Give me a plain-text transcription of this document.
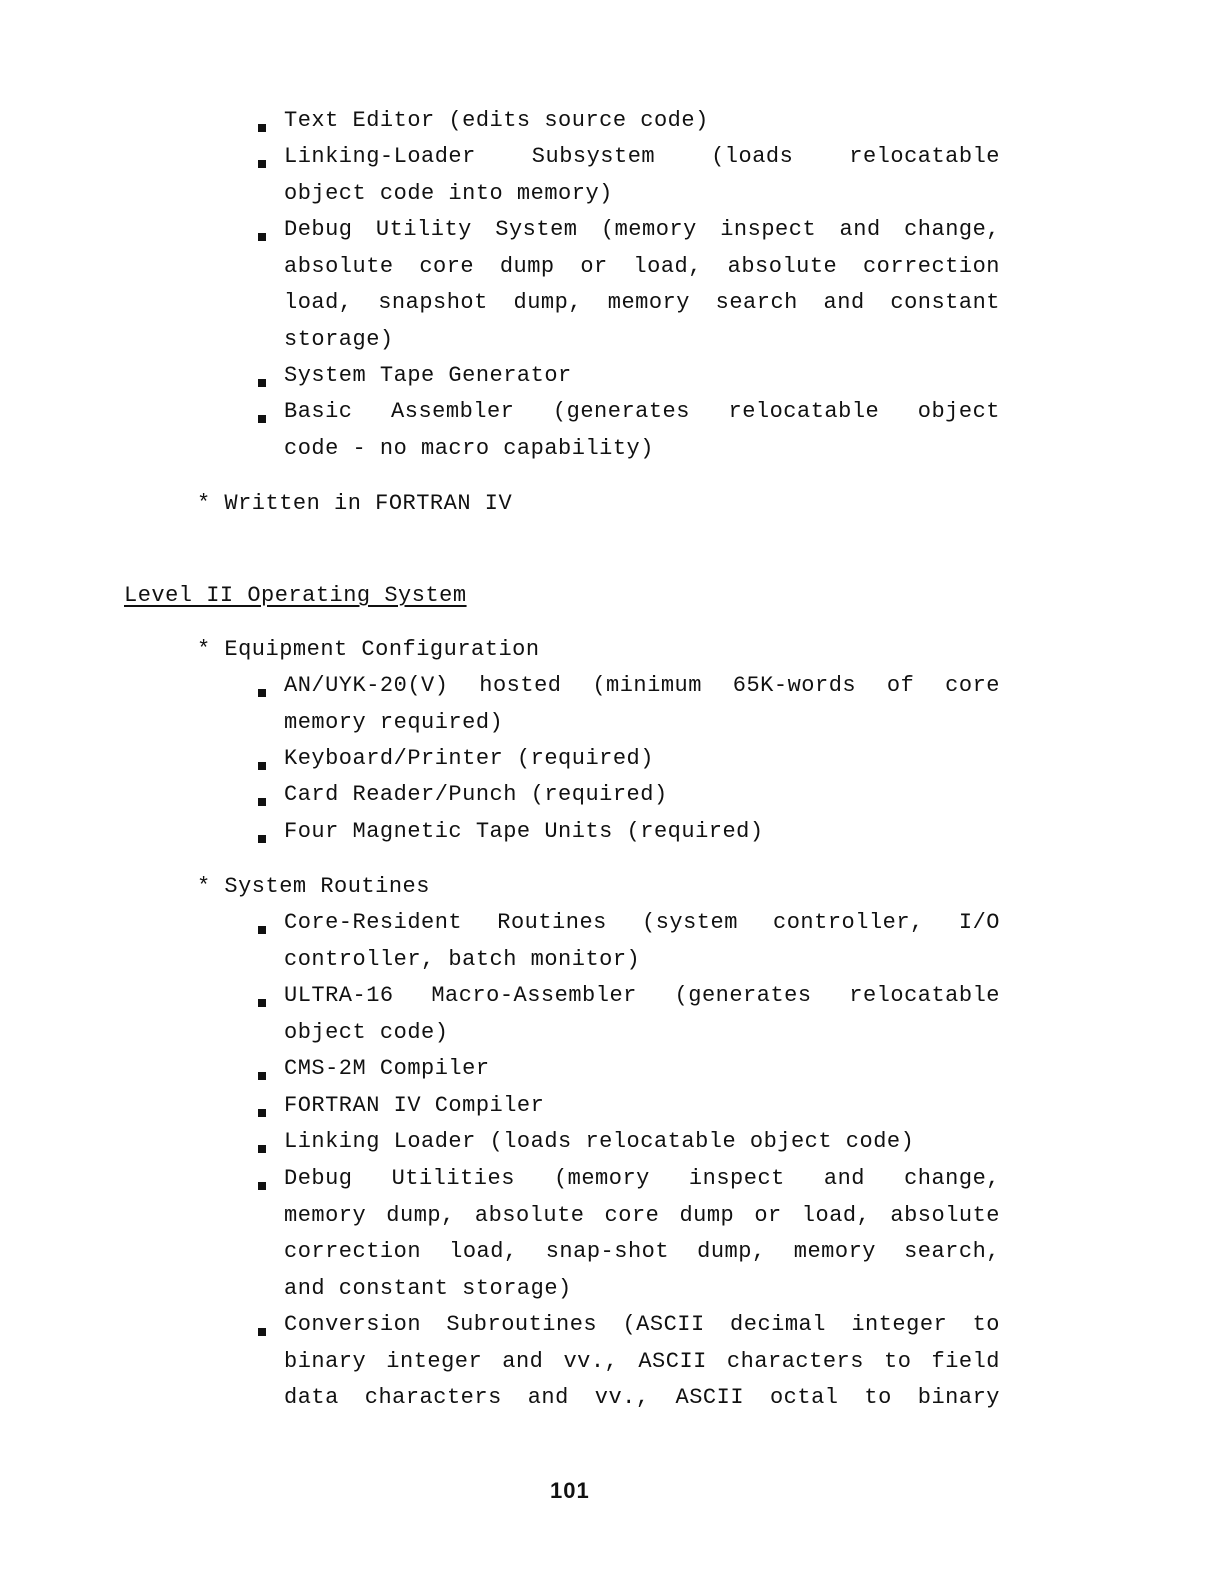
Text Editor (edits source code)
Linking-Loader Subsystem (loads relocatable
object code into memory)
Debug Utility System (memory inspect and change,
absolute core dump or load, absolute correction
load, snapshot dump, memory search and constant
storage)
System Tape Generator
Basic Assembler (generates relocatable object
code - no macro capability)
* Written in FORTRAN IV
Level II Operating System
* Equipment Configuration
AN/UYK-20(V) hosted (minimum 65K-words of core
memory required)
Keyboard/Printer (required)
Card Reader/Punch (required)
Four Magnetic Tape Units (required)
* System Routines
Core-Resident Routines (system controller, I/O
controller, batch monitor)
ULTRA-16 Macro-Assembler (generates relocatable
object code)
CMS-2M Compiler
FORTRAN IV Compiler
Linking Loader (loads relocatable object code)
Debug Utilities (memory inspect and change,
memory dump, absolute core dump or load, absolute
correction load, snap-shot dump, memory search,
and constant storage)
Conversion Subroutines (ASCII decimal integer to
binary integer and vv., ASCII characters to field
data characters and vv., ASCII octal to binary
101
